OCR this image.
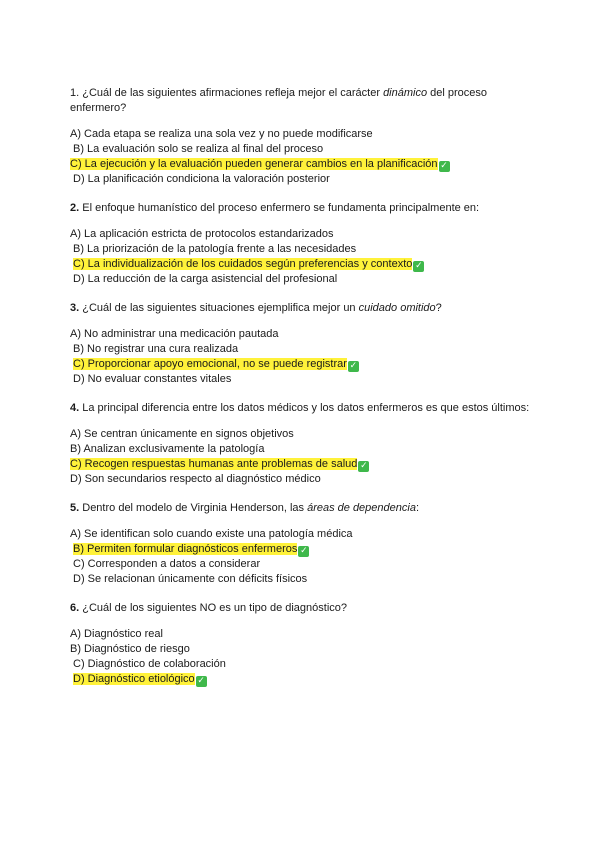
1. ¿Cuál de las siguientes afirmaciones refleja mejor el carácter dinámico del proceso enfermero?

A) Cada etapa se realiza una sola vez y no puede modificarse
B) La evaluación solo se realiza al final del proceso
C) La ejecución y la evaluación pueden generar cambios en la planificación ✓
D) La planificación condiciona la valoración posterior

2. El enfoque humanístico del proceso enfermero se fundamenta principalmente en:

A) La aplicación estricta de protocolos estandarizados
B) La priorización de la patología frente a las necesidades
C) La individualización de los cuidados según preferencias y contexto ✓
D) La reducción de la carga asistencial del profesional

3. ¿Cuál de las siguientes situaciones ejemplifica mejor un cuidado omitido?

A) No administrar una medicación pautada
B) No registrar una cura realizada
C) Proporcionar apoyo emocional, no se puede registrar ✓
D) No evaluar constantes vitales

4. La principal diferencia entre los datos médicos y los datos enfermeros es que estos últimos:

A) Se centran únicamente en signos objetivos
B) Analizan exclusivamente la patología
C) Recogen respuestas humanas ante problemas de salud ✓
D) Son secundarios respecto al diagnóstico médico

5. Dentro del modelo de Virginia Henderson, las áreas de dependencia:

A) Se identifican solo cuando existe una patología médica
B) Permiten formular diagnósticos enfermeros ✓
C) Corresponden a datos a considerar
D) Se relacionan únicamente con déficits físicos

6. ¿Cuál de los siguientes NO es un tipo de diagnóstico?

A) Diagnóstico real
B) Diagnóstico de riesgo
C) Diagnóstico de colaboración
D) Diagnóstico etiológico ✓
